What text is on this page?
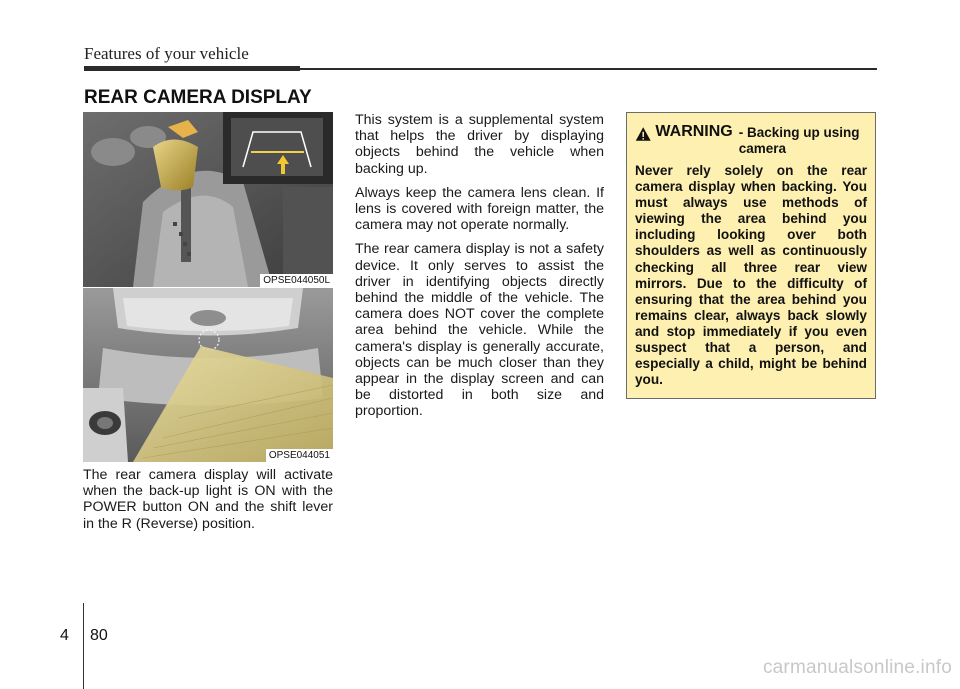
Features of your vehicle
REAR CAMERA DISPLAY
OPSE044050L
OPSE044051

The rear camera display will activate when the back-up light is ON with the POWER button ON and the shift lever in the R (Reverse) position.

This system is a supplemental system that helps the driver by displaying objects behind the vehicle when backing up.

Always keep the camera lens clean. If lens is covered with foreign matter, the camera may not operate normally.

The rear camera display is not a safety device. It only serves to assist the driver in identifying objects directly behind the middle of the vehicle. The camera does NOT cover the complete area behind the vehicle. While the camera's display is generally accurate, objects can be much closer than they appear in the display screen and can be distorted in both size and proportion.

WARNING - Backing up using camera
Never rely solely on the rear camera display when backing. You must always use methods of viewing the area behind you including looking over both shoulders as well as continuously checking all three rear view mirrors. Due to the difficulty of ensuring that the area behind you remains clear, always back slowly and stop immediately if you even suspect that a person, and especially a child, might be behind you.
4 80
carmanualsonline.info
